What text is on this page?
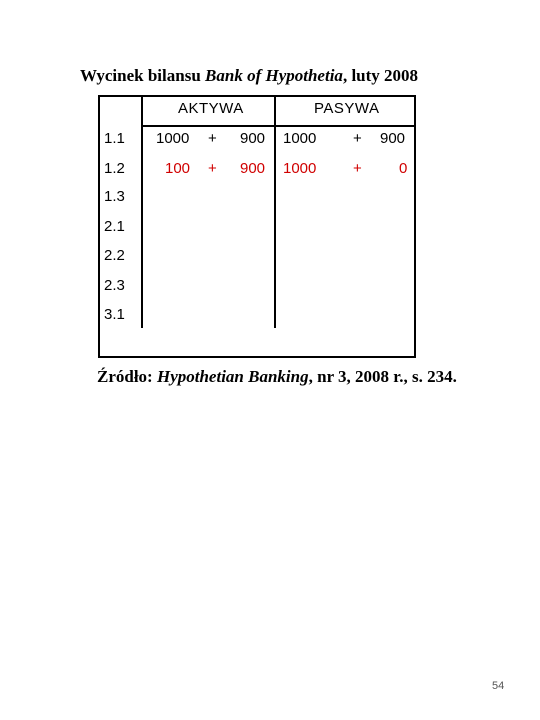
Wycinek bilansu Bank of Hypothetia, luty 2008
AKTYWA	PASYWA
1.1
1.2
1.3
2.1
2.2
2.3
3.1
1000 + 900 1000 + 900
100 + 900 1000 + 0
Źródło: Hypothetian Banking, nr 3, 2008 r., s. 234.
54
